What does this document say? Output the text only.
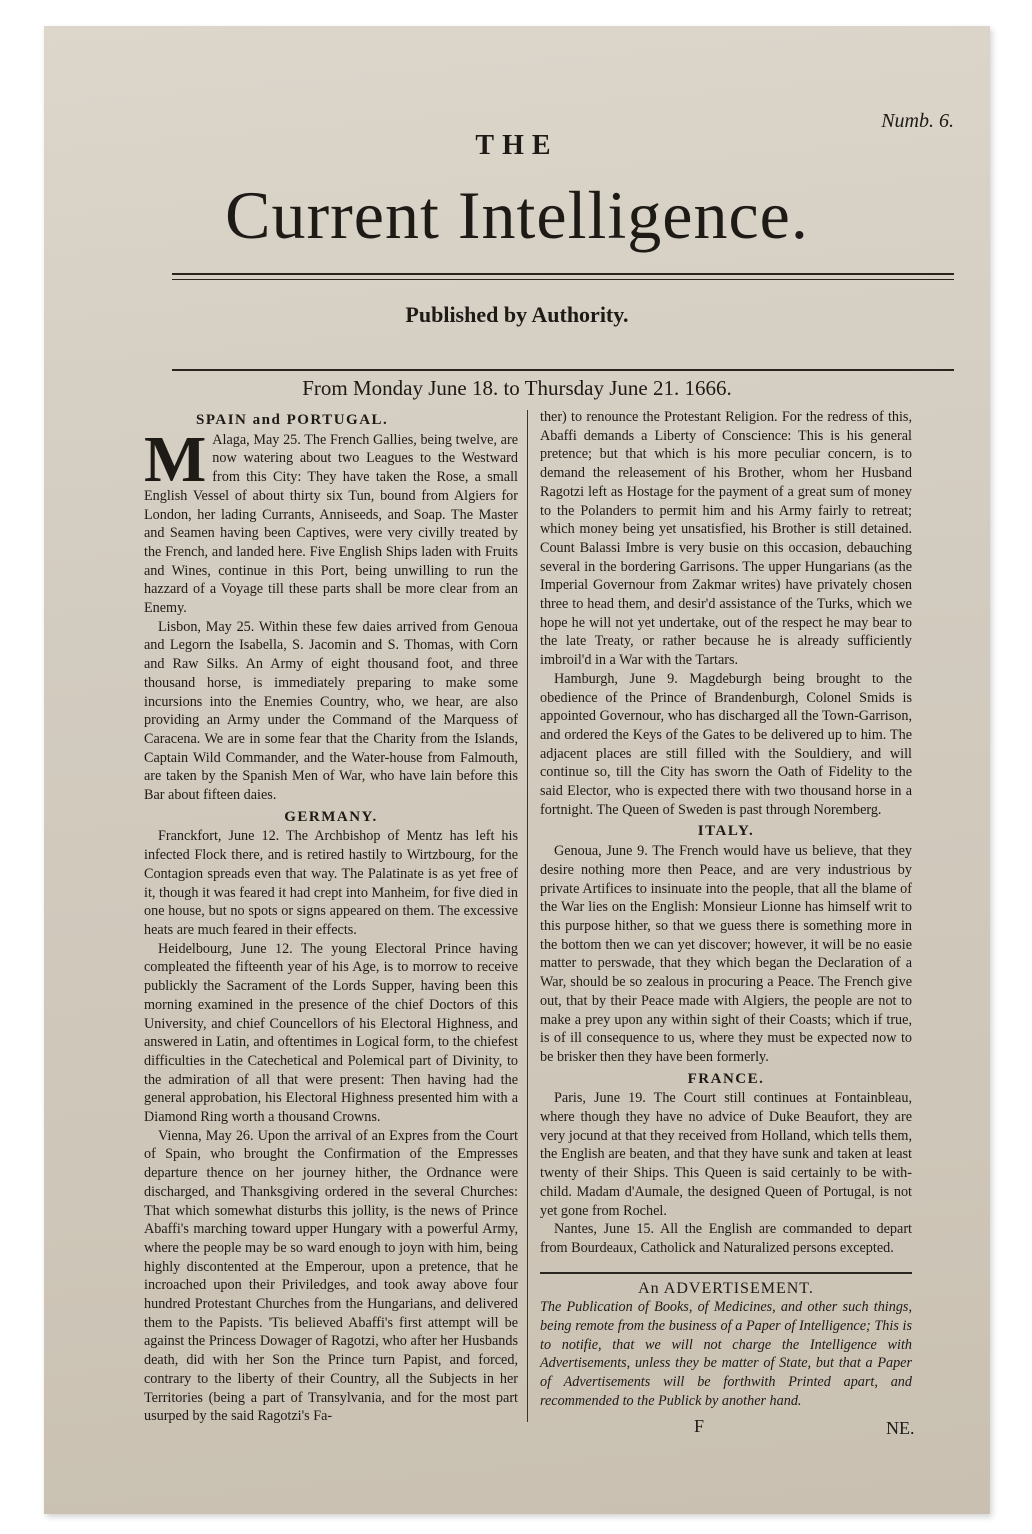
Numb. 6.
THE
Current Intelligence.
Published by Authority.
From Monday June 18. to Thursday June 21. 1666.
SPAIN and PORTUGAL.

M Alaga, May 25. The French Gallies, being twelve, are now watering about two Leagues to the Westward from this City: They have taken the Rose, a small English Vessel of about thirty six Tun, bound from Algiers for London, her lading Currants, Anniseeds, and Soap. The Master and Seamen having been Captives, were very civilly treated by the French, and landed here. Five English Ships laden with Fruits and Wines, continue in this Port, being unwilling to run the hazzard of a Voyage till these parts shall be more clear from an Enemy.

Lisbon, May 25. Within these few daies arrived from Genoua and Legorn the Isabella, S. Jacomin and S. Thomas, with Corn and Raw Silks. An Army of eight thousand foot, and three thousand horse, is immediately preparing to make some incursions into the Enemies Country, who, we hear, are also providing an Army under the Command of the Marquess of Caracena. We are in some fear that the Charity from the Islands, Captain Wild Commander, and the Water-house from Falmouth, are taken by the Spanish Men of War, who have lain before this Bar about fifteen daies.

GERMANY.

Franckfort, June 12. The Archbishop of Mentz has left his infected Flock there, and is retired hastily to Wirtzbourg, for the Contagion spreads even that way. The Palatinate is as yet free of it, though it was feared it had crept into Manheim, for five died in one house, but no spots or signs appeared on them. The excessive heats are much feared in their effects.

Heidelbourg, June 12. The young Electoral Prince having compleated the fifteenth year of his Age, is to morrow to receive publickly the Sacrament of the Lords Supper, having been this morning examined in the presence of the chief Doctors of this University, and chief Councellors of his Electoral Highness, and answered in Latin, and oftentimes in Logical form, to the chiefest difficulties in the Catechetical and Polemical part of Divinity, to the admiration of all that were present: Then having had the general approbation, his Electoral Highness presented him with a Diamond Ring worth a thousand Crowns.

Vienna, May 26. Upon the arrival of an Expres from the Court of Spain, who brought the Confirmation of the Empresses departure thence on her journey hither, the Ordnance were discharged, and Thanksgiving ordered in the several Churches: That which somewhat disturbs this jollity, is the news of Prince Abaffi's marching toward upper Hungary with a powerful Army, where the people may be so ward enough to joyn with him, being highly discontented at the Emperour, upon a pretence, that he incroached upon their Priviledges, and took away above four hundred Protestant Churches from the Hungarians, and delivered them to the Papists. 'Tis believed Abaffi's first attempt will be against the Princess Dowager of Ragotzi, who after her Husbands death, did with her Son the Prince turn Papist, and forced, contrary to the liberty of their Country, all the Subjects in her Territories (being a part of Transylvania, and for the most part usurped by the said Ragotzi's Fa-

ther) to renounce the Protestant Religion. For the redress of this, Abaffi demands a Liberty of Conscience: This is his general pretence; but that which is his more peculiar concern, is to demand the releasement of his Brother, whom her Husband Ragotzi left as Hostage for the payment of a great sum of money to the Polanders to permit him and his Army fairly to retreat; which money being yet unsatisfied, his Brother is still detained. Count Balassi Imbre is very busie on this occasion, debauching several in the bordering Garrisons. The upper Hungarians (as the Imperial Governour from Zakmar writes) have privately chosen three to head them, and desir'd assistance of the Turks, which we hope he will not yet undertake, out of the respect he may bear to the late Treaty, or rather because he is already sufficiently imbroil'd in a War with the Tartars.

Hamburgh, June 9. Magdeburgh being brought to the obedience of the Prince of Brandenburgh, Colonel Smids is appointed Governour, who has discharged all the Town-Garrison, and ordered the Keys of the Gates to be delivered up to him. The adjacent places are still filled with the Souldiery, and will continue so, till the City has sworn the Oath of Fidelity to the said Elector, who is expected there with two thousand horse in a fortnight. The Queen of Sweden is past through Noremberg.

ITALY.

Genoua, June 9. The French would have us believe, that they desire nothing more then Peace, and are very industrious by private Artifices to insinuate into the people, that all the blame of the War lies on the English: Monsieur Lionne has himself writ to this purpose hither, so that we guess there is something more in the bottom then we can yet discover; however, it will be no easie matter to perswade, that they which began the Declaration of a War, should be so zealous in procuring a Peace. The French give out, that by their Peace made with Algiers, the people are not to make a prey upon any within sight of their Coasts; which if true, is of ill consequence to us, where they must be expected now to be brisker then they have been formerly.

FRANCE.

Paris, June 19. The Court still continues at Fontainbleau, where though they have no advice of Duke Beaufort, they are very jocund at that they received from Holland, which tells them, the English are beaten, and that they have sunk and taken at least twenty of their Ships. This Queen is said certainly to be with-child. Madam d'Aumale, the designed Queen of Portugal, is not yet gone from Rochel.

Nantes, June 15. All the English are commanded to depart from Bourdeaux, Catholick and Naturalized persons excepted.

An ADVERTISEMENT.
The Publication of Books, of Medicines, and other such things, being remote from the business of a Paper of Intelligence; This is to notifie, that we will not charge the Intelligence with Advertisements, unless they be matter of State, but that a Paper of Advertisements will be forthwith Printed apart, and recommended to the Publick by another hand.
F	NE.
